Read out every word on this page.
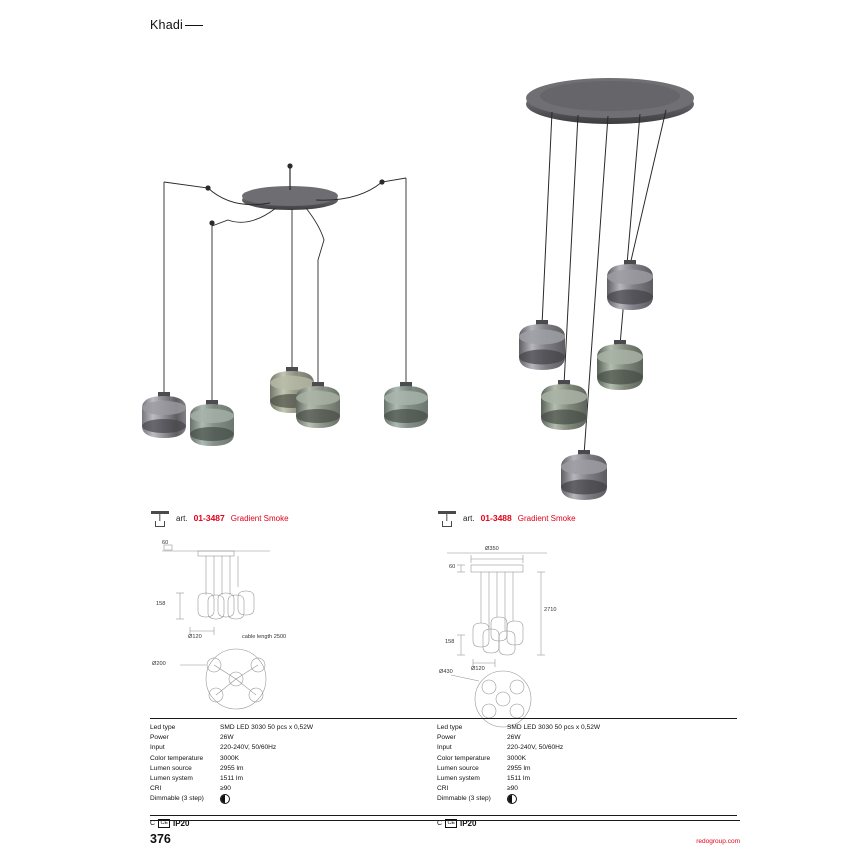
Khadi
art. 01-3487 Gradient Smoke
158
Ø120
Ø200
cable length 2500
60
art. 01-3488 Gradient Smoke
Ø350
60
2710
158
Ø120
Ø430
Led type	SMD LED 3030 50 pcs x 0,52W
Power	26W
Input	220-240V, 50/60Hz
Color temperature	3000K
Lumen source	2955 lm
Lumen system	1511 lm
CRI	≥90
Dimmable (3 step)
C CE IP20
Led type	SMD LED 3030 50 pcs x 0,52W
Power	26W
Input	220-240V, 50/60Hz
Color temperature	3000K
Lumen source	2955 lm
Lumen system	1511 lm
CRI	≥90
Dimmable (3 step)
C CE IP20
376	redogroup.com
